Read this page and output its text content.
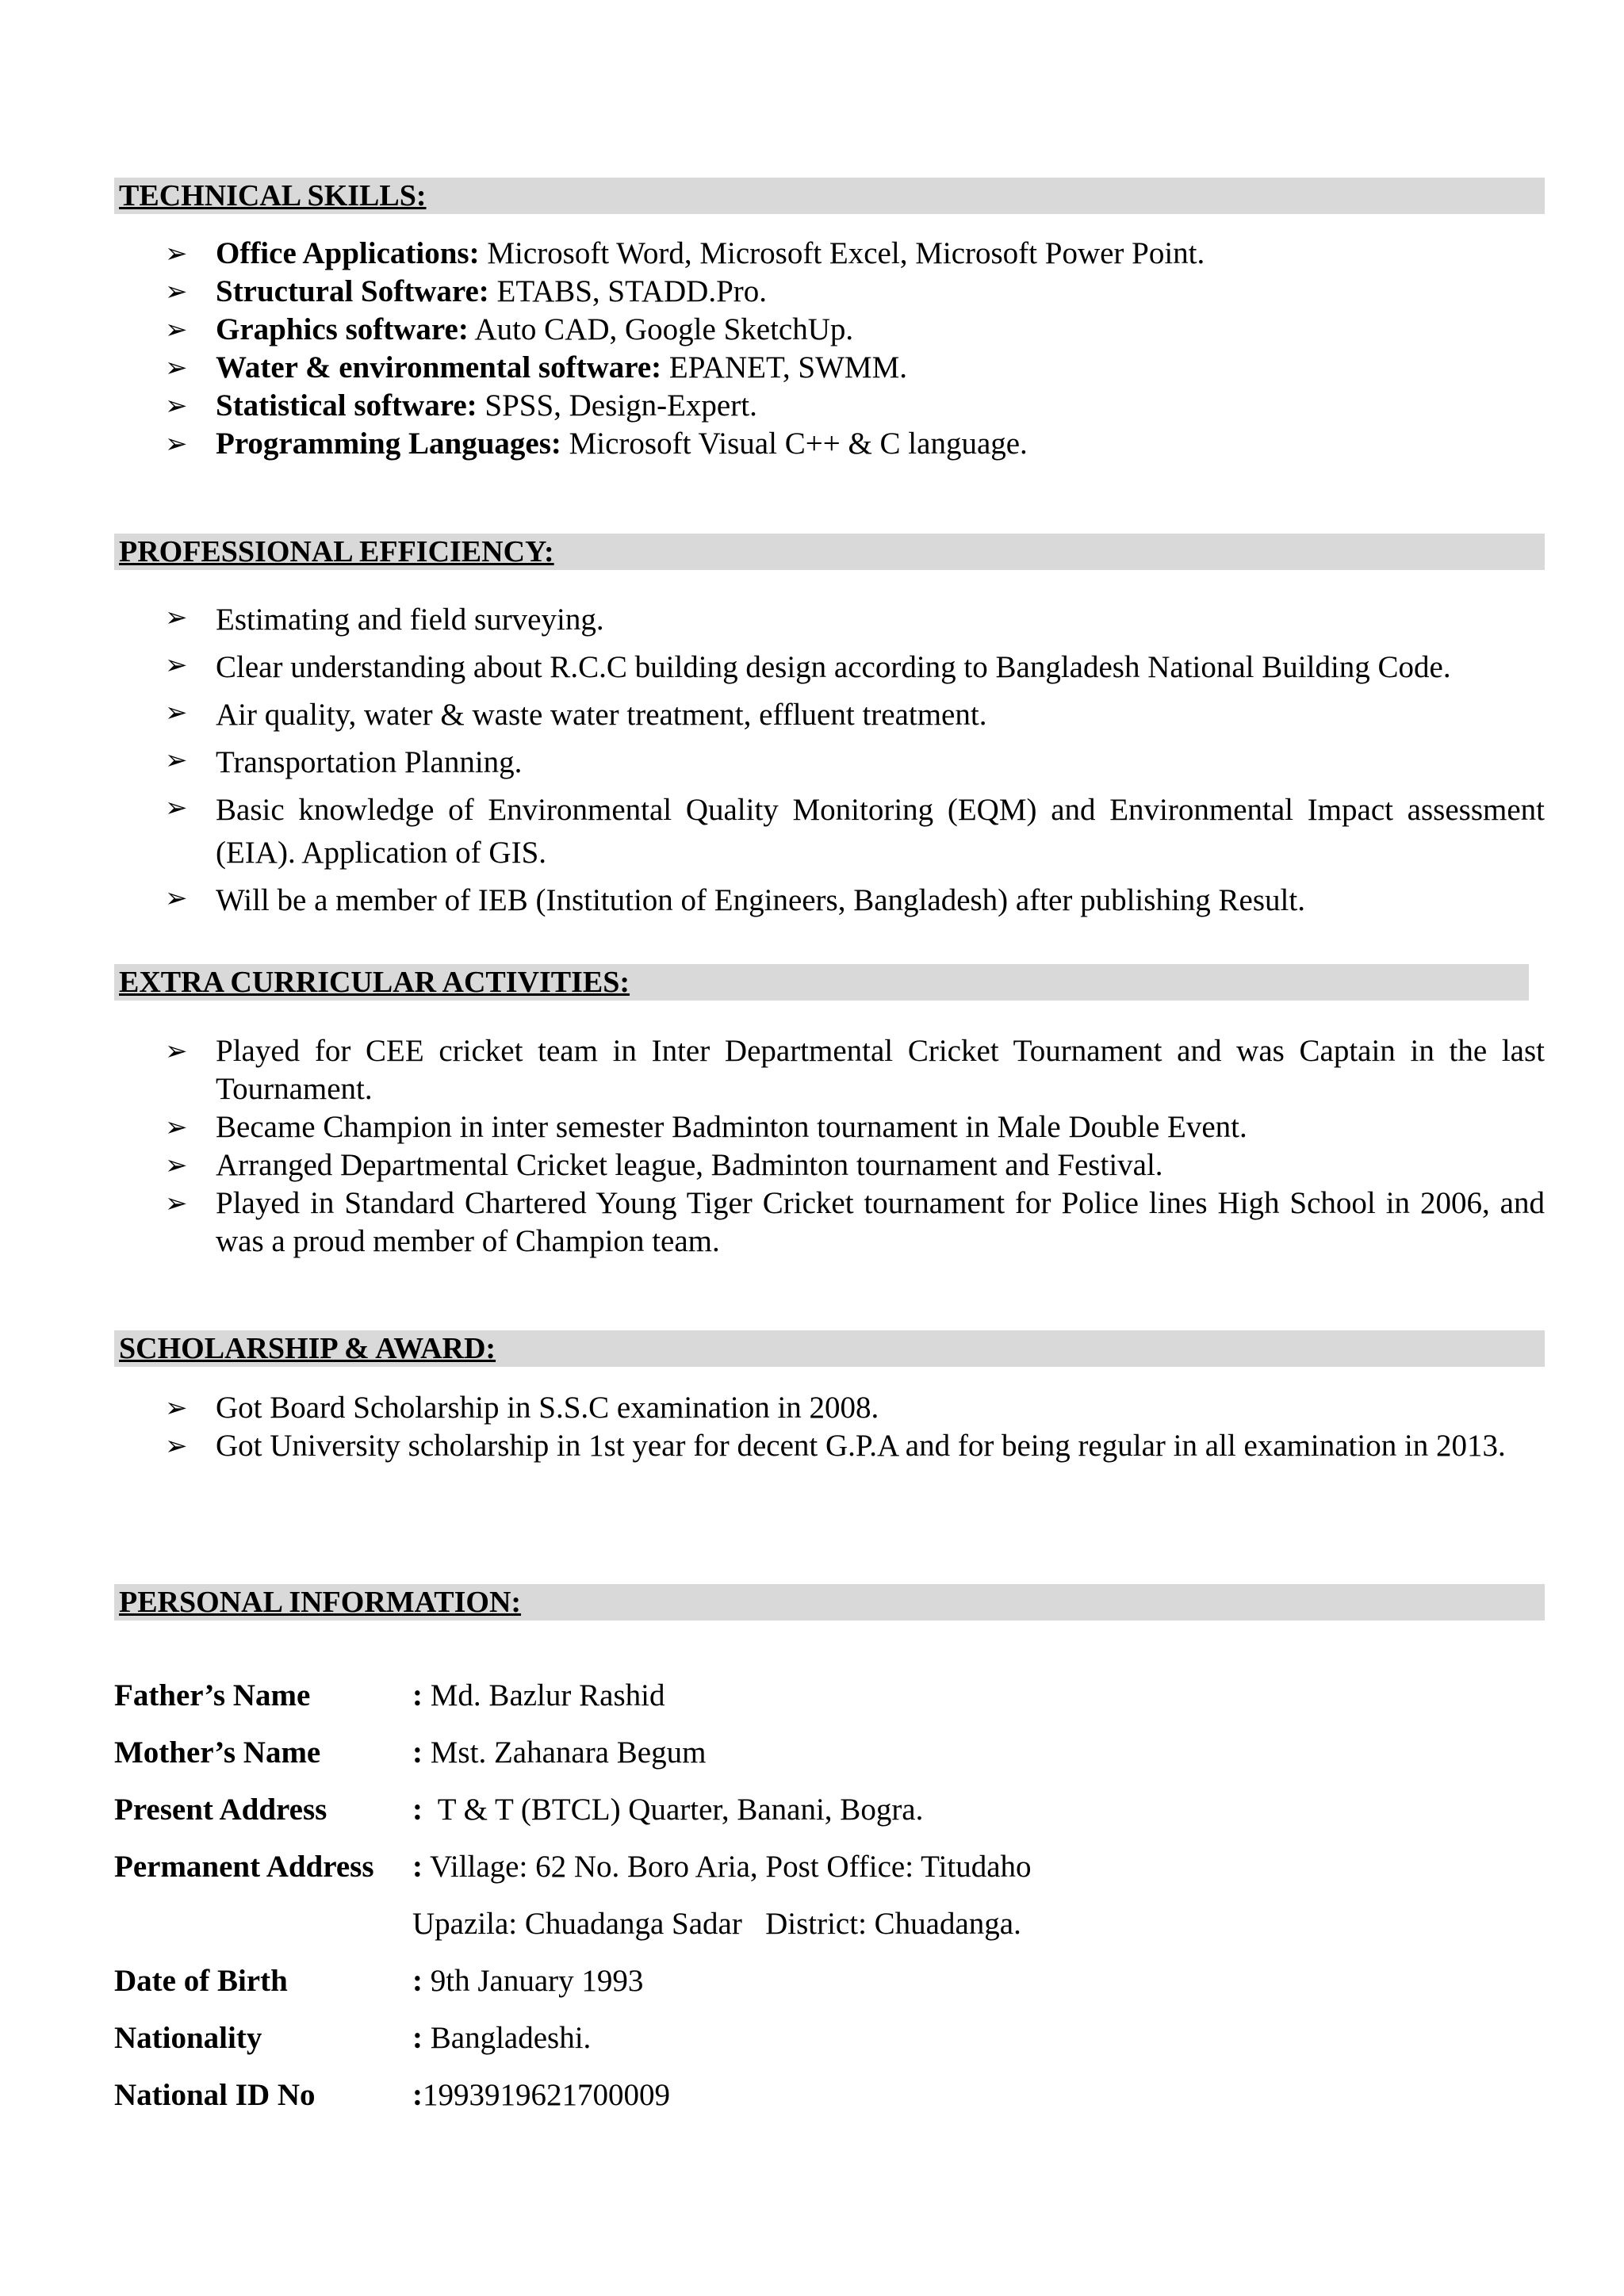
TECHNICAL SKILLS:
➢ Office Applications: Microsoft Word, Microsoft Excel, Microsoft Power Point.
➢ Structural Software: ETABS, STADD.Pro.
➢ Graphics software: Auto CAD, Google SketchUp.
➢ Water & environmental software: EPANET, SWMM.
➢ Statistical software: SPSS, Design-Expert.
➢ Programming Languages: Microsoft Visual C++ & C language.
PROFESSIONAL EFFICIENCY:
➢ Estimating and field surveying.
➢ Clear understanding about R.C.C building design according to Bangladesh National Building Code.
➢ Air quality, water & waste water treatment, effluent treatment.
➢ Transportation Planning.
➢ Basic knowledge of Environmental Quality Monitoring (EQM) and Environmental Impact assessment (EIA). Application of GIS.
➢ Will be a member of IEB (Institution of Engineers, Bangladesh) after publishing Result.
EXTRA CURRICULAR ACTIVITIES:
➢ Played for CEE cricket team in Inter Departmental Cricket Tournament and was Captain in the last Tournament.
➢ Became Champion in inter semester Badminton tournament in Male Double Event.
➢ Arranged Departmental Cricket league, Badminton tournament and Festival.
➢ Played in Standard Chartered Young Tiger Cricket tournament for Police lines High School in 2006, and was a proud member of Champion team.
SCHOLARSHIP & AWARD:
➢ Got Board Scholarship in S.S.C examination in 2008.
➢ Got University scholarship in 1st year for decent G.P.A and for being regular in all examination in 2013.
PERSONAL INFORMATION:
Father’s Name	: Md. Bazlur Rashid
Mother’s Name	: Mst. Zahanara Begum
Present Address	:  T & T (BTCL) Quarter, Banani, Bogra.
Permanent Address	: Village: 62 No. Boro Aria, Post Office: Titudaho
	Upazila: Chuadanga Sadar   District: Chuadanga.
Date of Birth	: 9th January 1993
Nationality	: Bangladeshi.
National ID No	:1993919621700009
